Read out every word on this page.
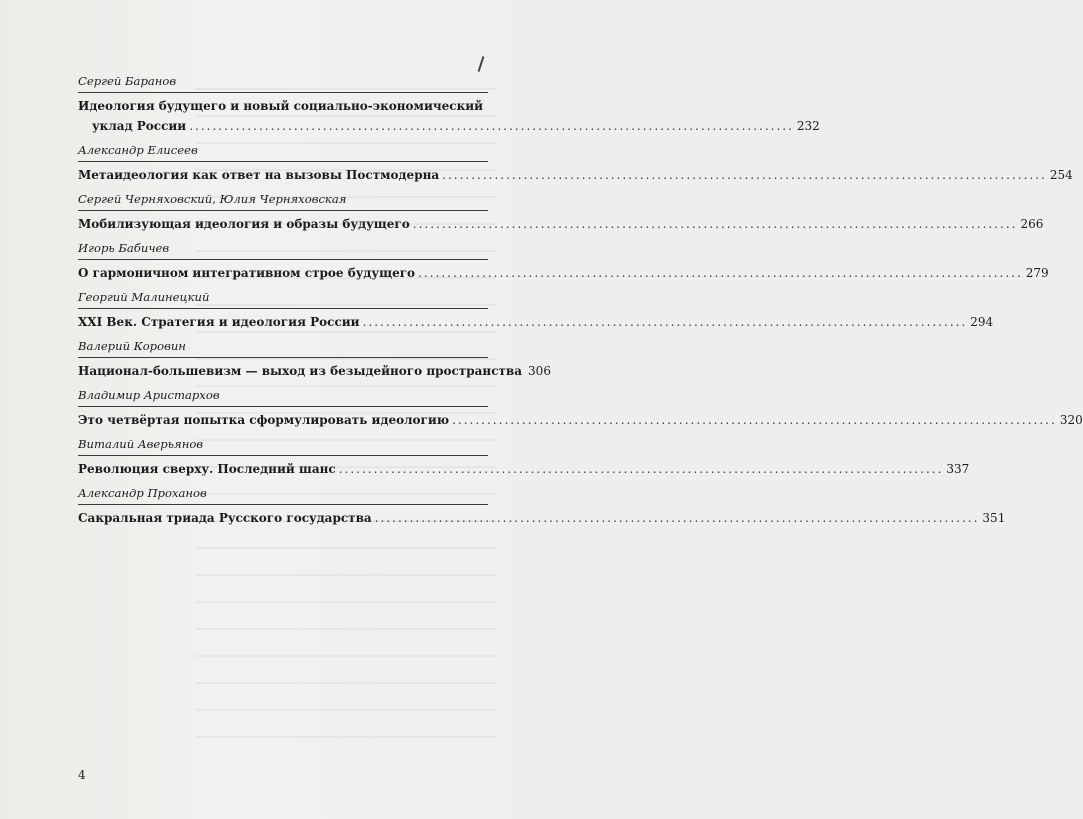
Сергей Баранов
Идеология будущего и новый социально-экономический
уклад России ........................................................................................................ 232
Александр Елисеев
Метаидеология как ответ на вызовы Постмодерна ........................................................................................................ 254
Сергей Черняховский, Юлия Черняховская
Мобилизующая идеология и образы будущего ........................................................................................................ 266
Игорь Бабичев
О гармоничном интегративном строе будущего ........................................................................................................ 279
Георгий Малинецкий
XXI Век. Стратегия и идеология России ........................................................................................................ 294
Валерий Коровин
Национал-большевизм — выход из безыдейного пространства 306
Владимир Аристархов
Это четвёртая попытка сформулировать идеологию ........................................................................................................ 320
Виталий Аверьянов
Революция сверху. Последний шанс ........................................................................................................ 337
Александр Проханов
Сакральная триада Русского государства ........................................................................................................ 351
4
